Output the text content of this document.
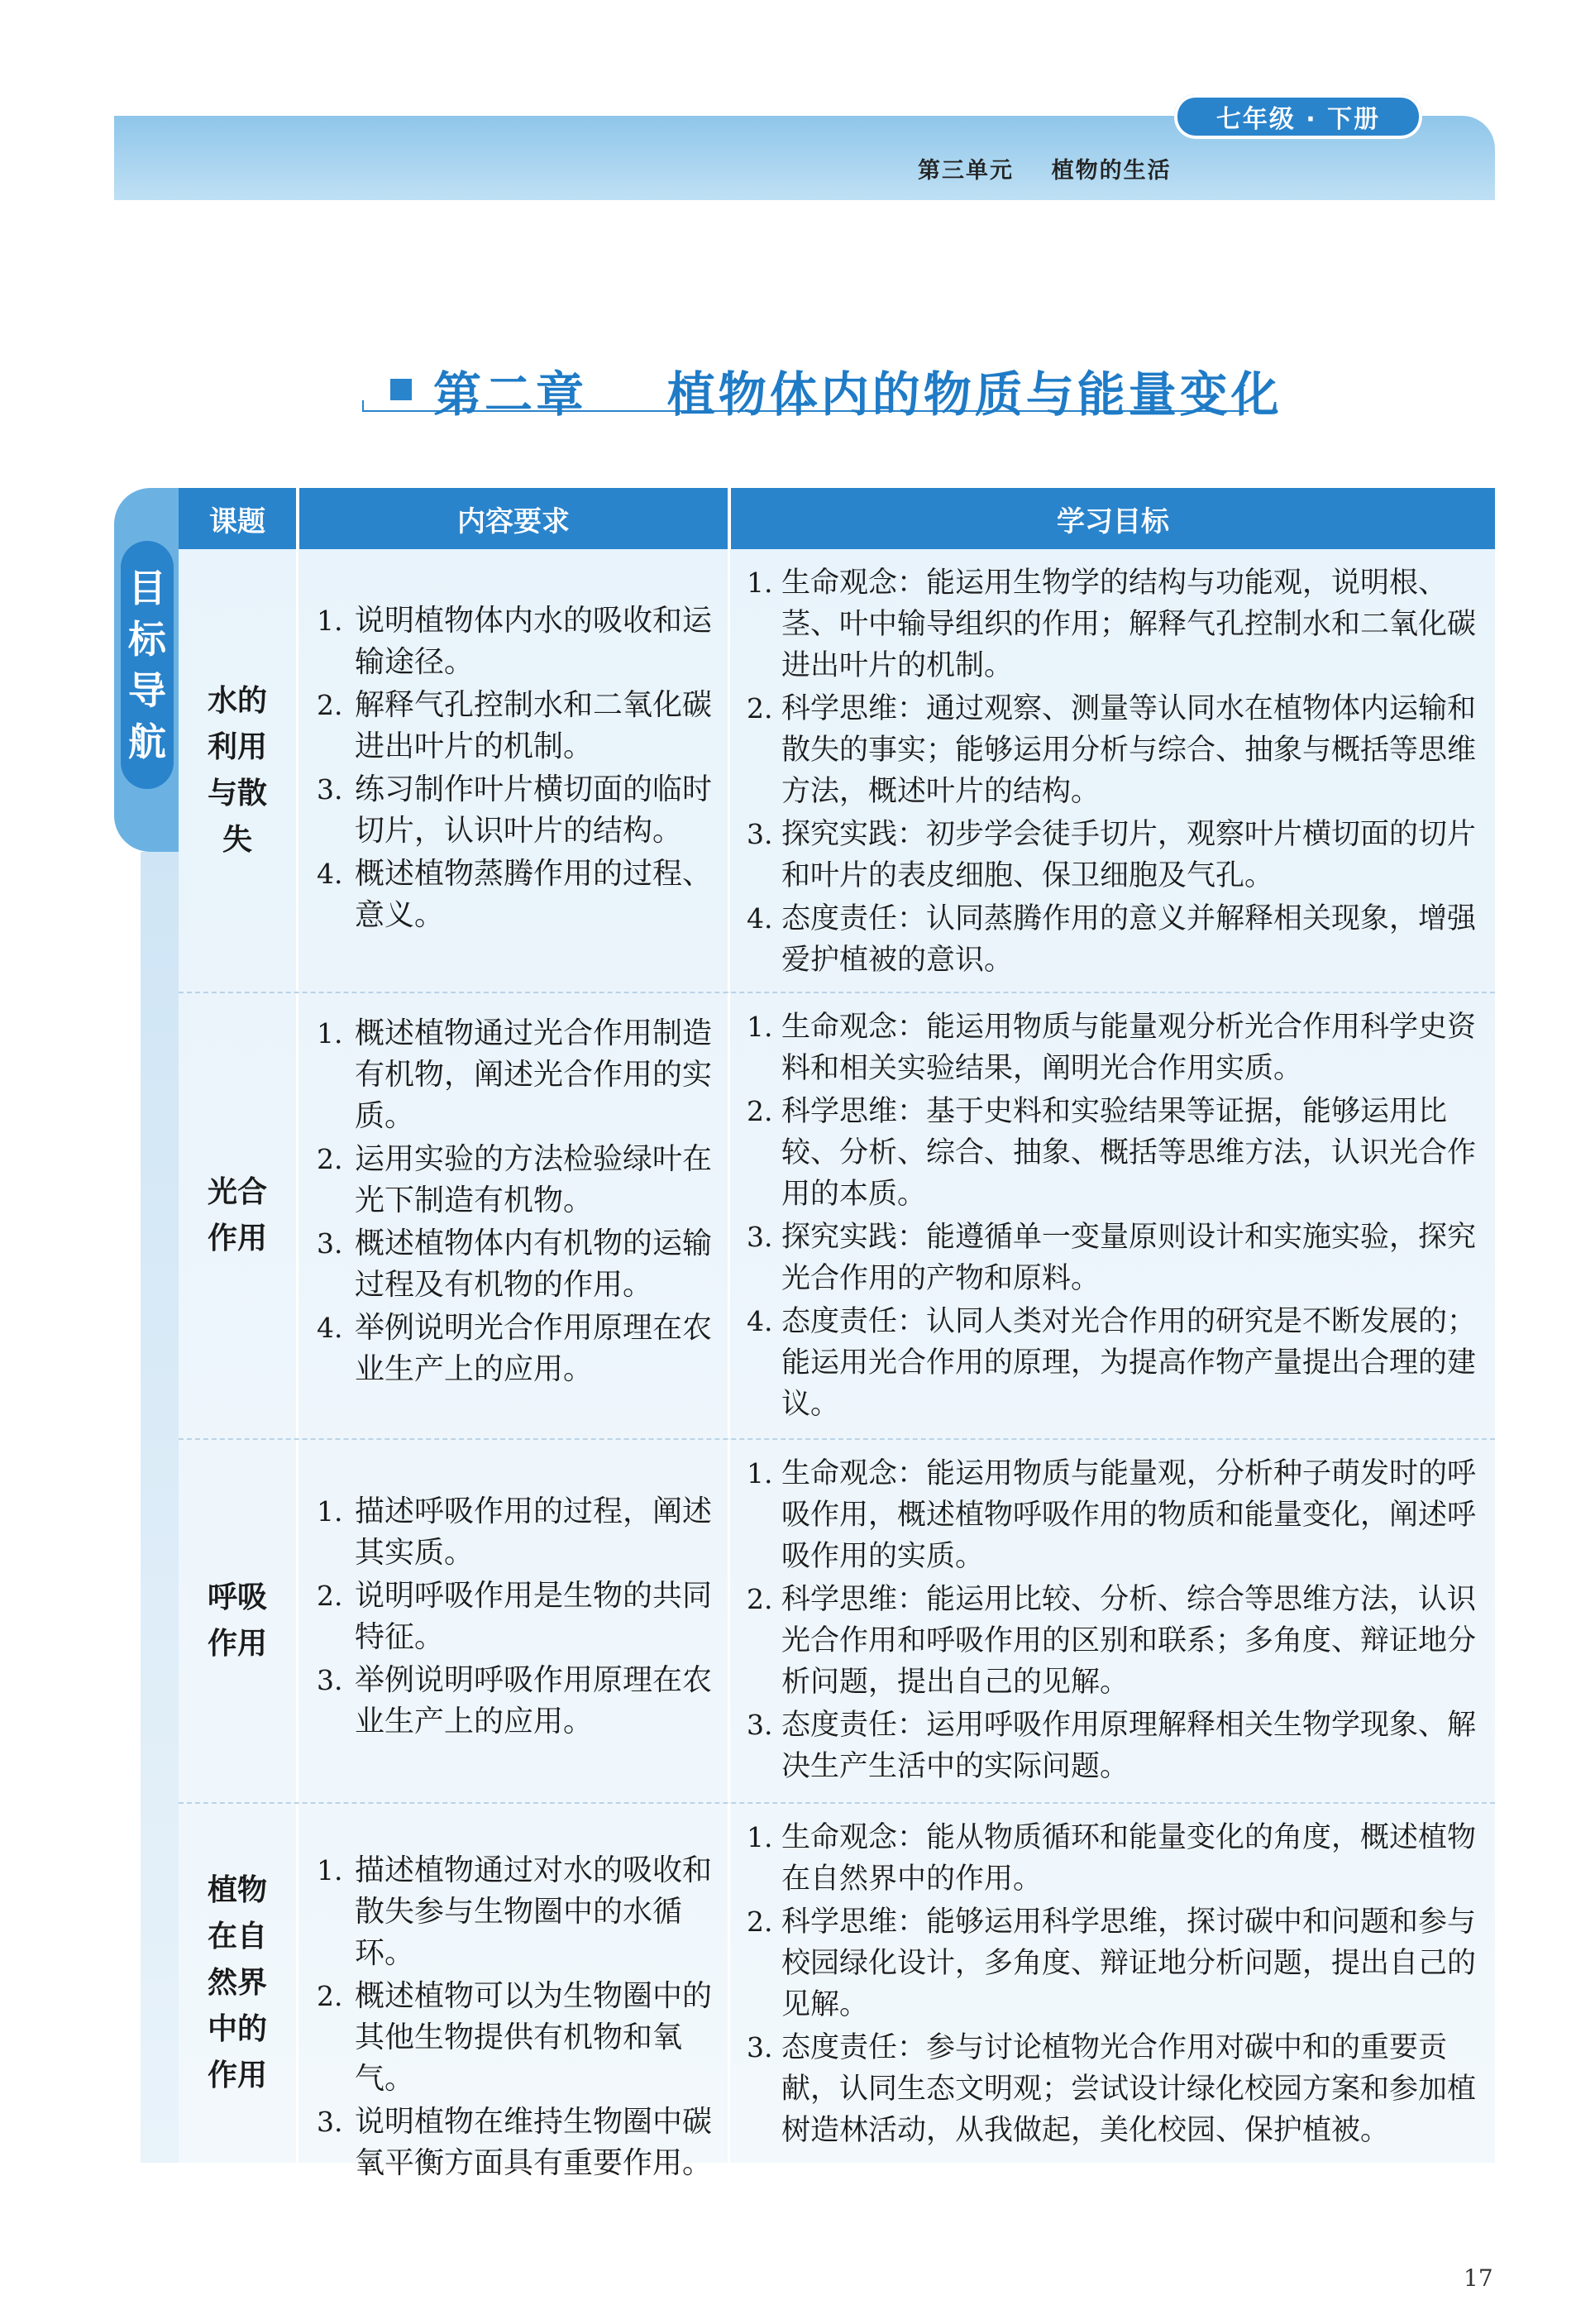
七年级 · 下册
第三单元    植物的生活
第二章    植物体内的物质与能量变化
目
标
导
航
课题	内容要求	学习目标
水的
利用
与散
失
1. 说明植物体内水的吸收和运输途径。
2. 解释气孔控制水和二氧化碳进出叶片的机制。
3. 练习制作叶片横切面的临时切片，认识叶片的结构。
4. 概述植物蒸腾作用的过程、意义。
1. 生命观念：能运用生物学的结构与功能观，说明根、茎、叶中输导组织的作用；解释气孔控制水和二氧化碳进出叶片的机制。
2. 科学思维：通过观察、测量等认同水在植物体内运输和散失的事实；能够运用分析与综合、抽象与概括等思维方法，概述叶片的结构。
3. 探究实践：初步学会徒手切片，观察叶片横切面的切片和叶片的表皮细胞、保卫细胞及气孔。
4. 态度责任：认同蒸腾作用的意义并解释相关现象，增强爱护植被的意识。
光合
作用
1. 概述植物通过光合作用制造有机物，阐述光合作用的实质。
2. 运用实验的方法检验绿叶在光下制造有机物。
3. 概述植物体内有机物的运输过程及有机物的作用。
4. 举例说明光合作用原理在农业生产上的应用。
1. 生命观念：能运用物质与能量观分析光合作用科学史资料和相关实验结果，阐明光合作用实质。
2. 科学思维：基于史料和实验结果等证据，能够运用比较、分析、综合、抽象、概括等思维方法，认识光合作用的本质。
3. 探究实践：能遵循单一变量原则设计和实施实验，探究光合作用的产物和原料。
4. 态度责任：认同人类对光合作用的研究是不断发展的；能运用光合作用的原理，为提高作物产量提出合理的建议。
呼吸
作用
1. 描述呼吸作用的过程，阐述其实质。
2. 说明呼吸作用是生物的共同特征。
3. 举例说明呼吸作用原理在农业生产上的应用。
1. 生命观念：能运用物质与能量观，分析种子萌发时的呼吸作用，概述植物呼吸作用的物质和能量变化，阐述呼吸作用的实质。
2. 科学思维：能运用比较、分析、综合等思维方法，认识光合作用和呼吸作用的区别和联系；多角度、辩证地分析问题，提出自己的见解。
3. 态度责任：运用呼吸作用原理解释相关生物学现象、解决生产生活中的实际问题。
植物
在自
然界
中的
作用
1. 描述植物通过对水的吸收和散失参与生物圈中的水循环。
2. 概述植物可以为生物圈中的其他生物提供有机物和氧气。
3. 说明植物在维持生物圈中碳氧平衡方面具有重要作用。
1. 生命观念：能从物质循环和能量变化的角度，概述植物在自然界中的作用。
2. 科学思维：能够运用科学思维，探讨碳中和问题和参与校园绿化设计，多角度、辩证地分析问题，提出自己的见解。
3. 态度责任：参与讨论植物光合作用对碳中和的重要贡献，认同生态文明观；尝试设计绿化校园方案和参加植树造林活动，从我做起，美化校园、保护植被。
17
